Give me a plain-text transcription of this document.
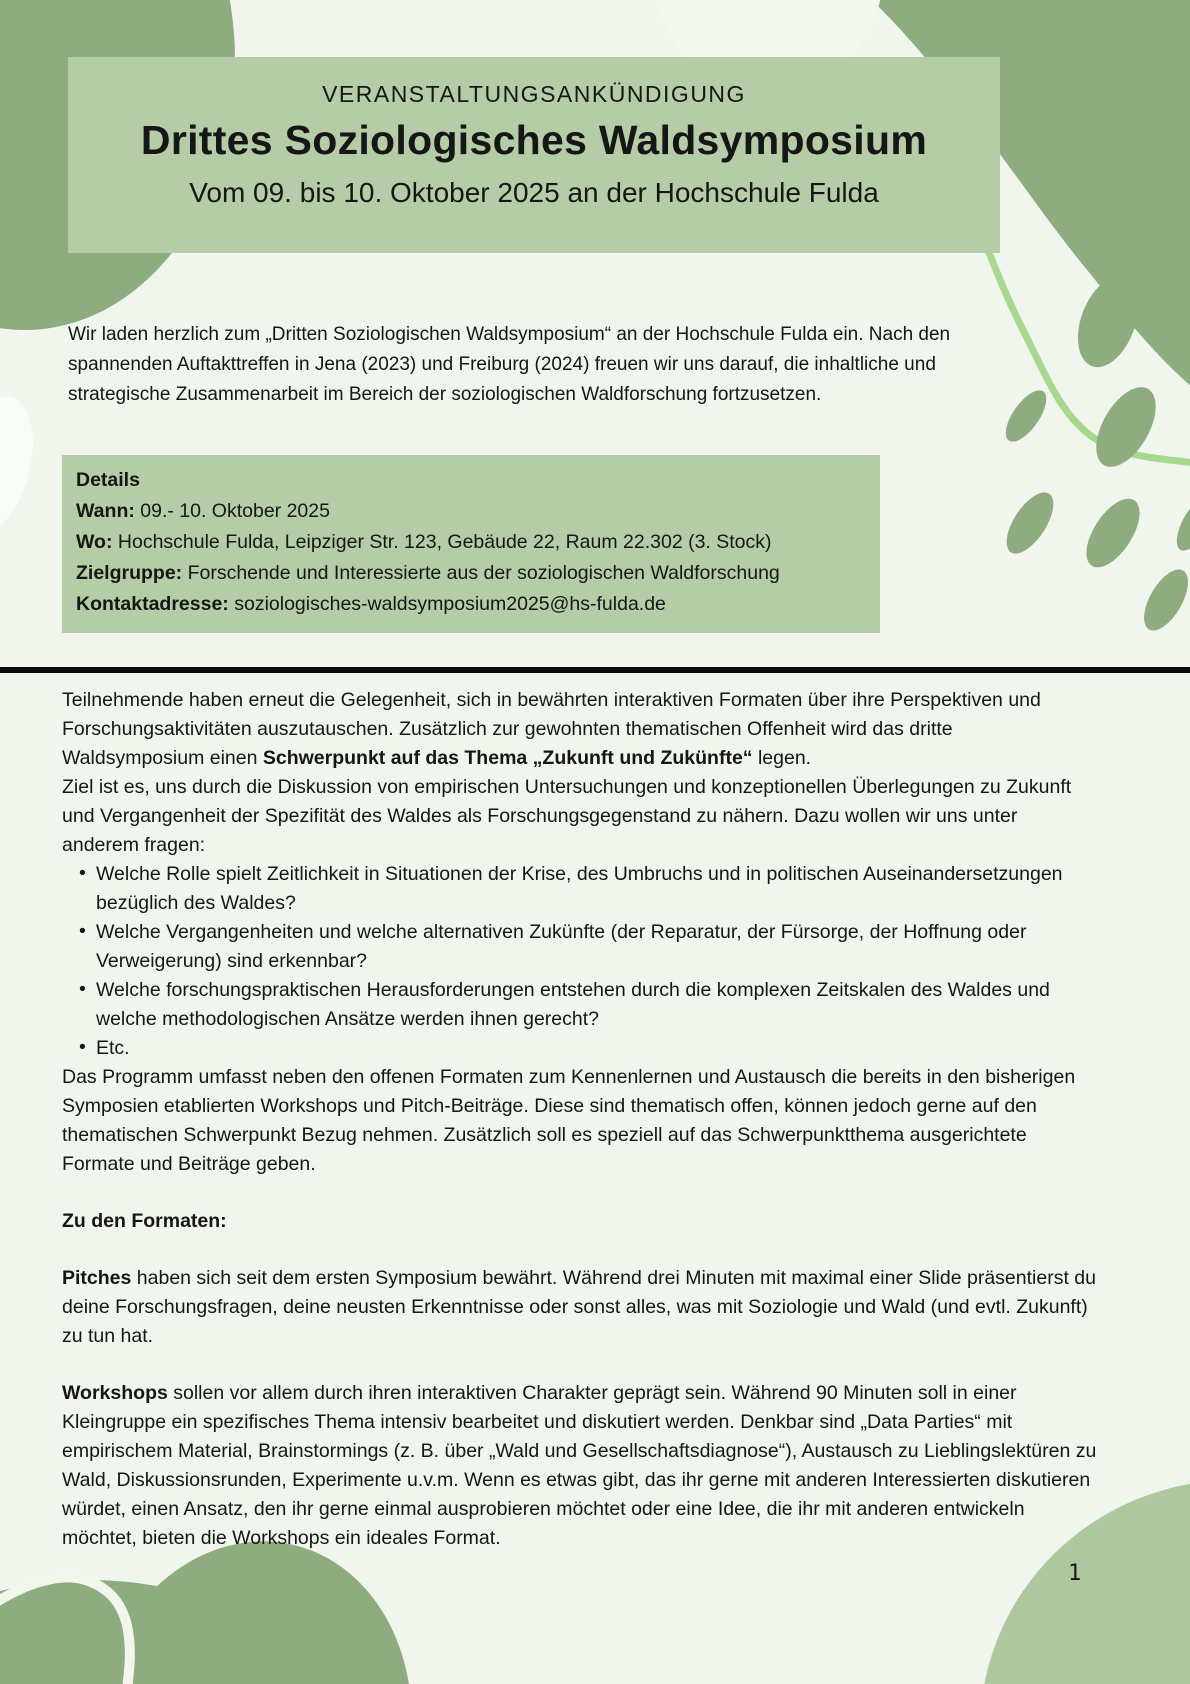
VERANSTALTUNGSANKÜNDIGUNG
Drittes Soziologisches Waldsymposium
Vom 09. bis 10. Oktober 2025 an der Hochschule Fulda
Wir laden herzlich zum „Dritten Soziologischen Waldsymposium“ an der Hochschule Fulda ein. Nach den spannenden Auftakttreffen in Jena (2023) und Freiburg (2024) freuen wir uns darauf, die inhaltliche und strategische Zusammenarbeit im Bereich der soziologischen Waldforschung fortzusetzen.
Details
Wann: 09.- 10. Oktober 2025
Wo: Hochschule Fulda, Leipziger Str. 123, Gebäude 22, Raum 22.302 (3. Stock)
Zielgruppe: Forschende und Interessierte aus der soziologischen Waldforschung
Kontaktadresse: soziologisches-waldsymposium2025@hs-fulda.de

Teilnehmende haben erneut die Gelegenheit, sich in bewährten interaktiven Formaten über ihre Perspektiven und Forschungsaktivitäten auszutauschen. Zusätzlich zur gewohnten thematischen Offenheit wird das dritte Waldsymposium einen Schwerpunkt auf das Thema „Zukunft und Zukünfte“ legen.

Ziel ist es, uns durch die Diskussion von empirischen Untersuchungen und konzeptionellen Überlegungen zu Zukunft und Vergangenheit der Spezifität des Waldes als Forschungsgegenstand zu nähern. Dazu wollen wir uns unter anderem fragen:

• Welche Rolle spielt Zeitlichkeit in Situationen der Krise, des Umbruchs und in politischen Auseinandersetzungen bezüglich des Waldes?
• Welche Vergangenheiten und welche alternativen Zukünfte (der Reparatur, der Fürsorge, der Hoffnung oder Verweigerung) sind erkennbar?
• Welche forschungspraktischen Herausforderungen entstehen durch die komplexen Zeitskalen des Waldes und welche methodologischen Ansätze werden ihnen gerecht?
• Etc.

Das Programm umfasst neben den offenen Formaten zum Kennenlernen und Austausch die bereits in den bisherigen Symposien etablierten Workshops und Pitch-Beiträge. Diese sind thematisch offen, können jedoch gerne auf den thematischen Schwerpunkt Bezug nehmen. Zusätzlich soll es speziell auf das Schwerpunktthema ausgerichtete Formate und Beiträge geben.

Zu den Formaten:

Pitches haben sich seit dem ersten Symposium bewährt. Während drei Minuten mit maximal einer Slide präsentierst du deine Forschungsfragen, deine neusten Erkenntnisse oder sonst alles, was mit Soziologie und Wald (und evtl. Zukunft) zu tun hat.

Workshops sollen vor allem durch ihren interaktiven Charakter geprägt sein. Während 90 Minuten soll in einer Kleingruppe ein spezifisches Thema intensiv bearbeitet und diskutiert werden. Denkbar sind „Data Parties“ mit empirischem Material, Brainstormings (z. B. über „Wald und Gesellschaftsdiagnose“), Austausch zu Lieblingslektüren zu Wald, Diskussionsrunden, Experimente u.v.m. Wenn es etwas gibt, das ihr gerne mit anderen Interessierten diskutieren würdet, einen Ansatz, den ihr gerne einmal ausprobieren möchtet oder eine Idee, die ihr mit anderen entwickeln möchtet, bieten die Workshops ein ideales Format.

1
